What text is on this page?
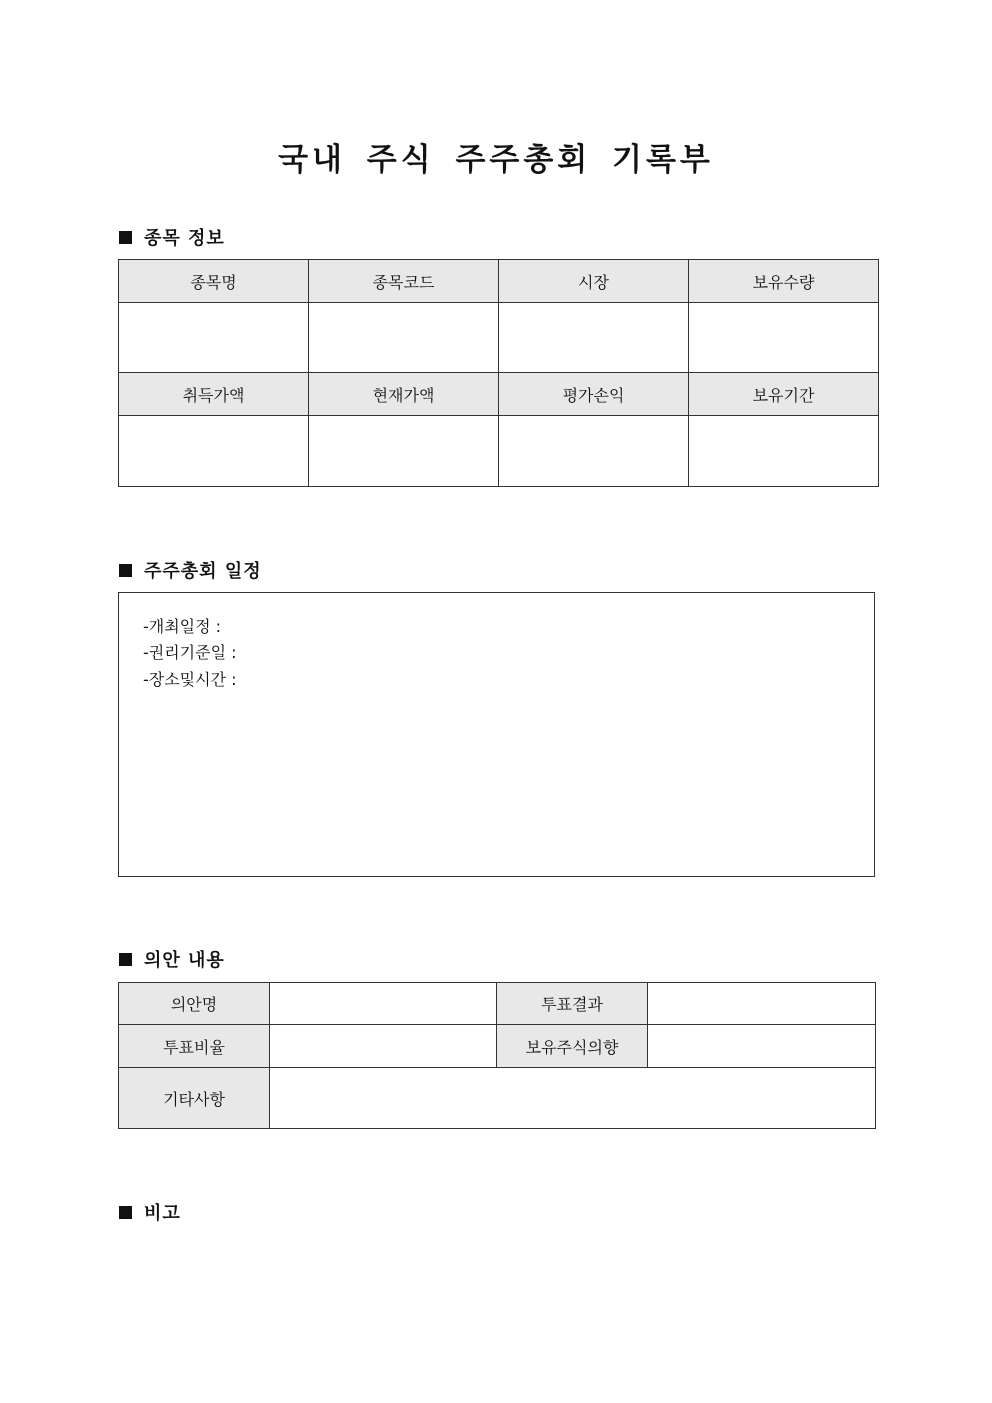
국내 주식 주주총회 기록부
종목 정보
종목명	종목코드	시장	보유수량

취득가액	현재가액	평가손익	보유기간

주주총회 일정
-개최일정 :
-권리기준일 :
-장소및시간 :
의안 내용
의안명		투표결과	
투표비율		보유주식의향	
기타사항			
비고
